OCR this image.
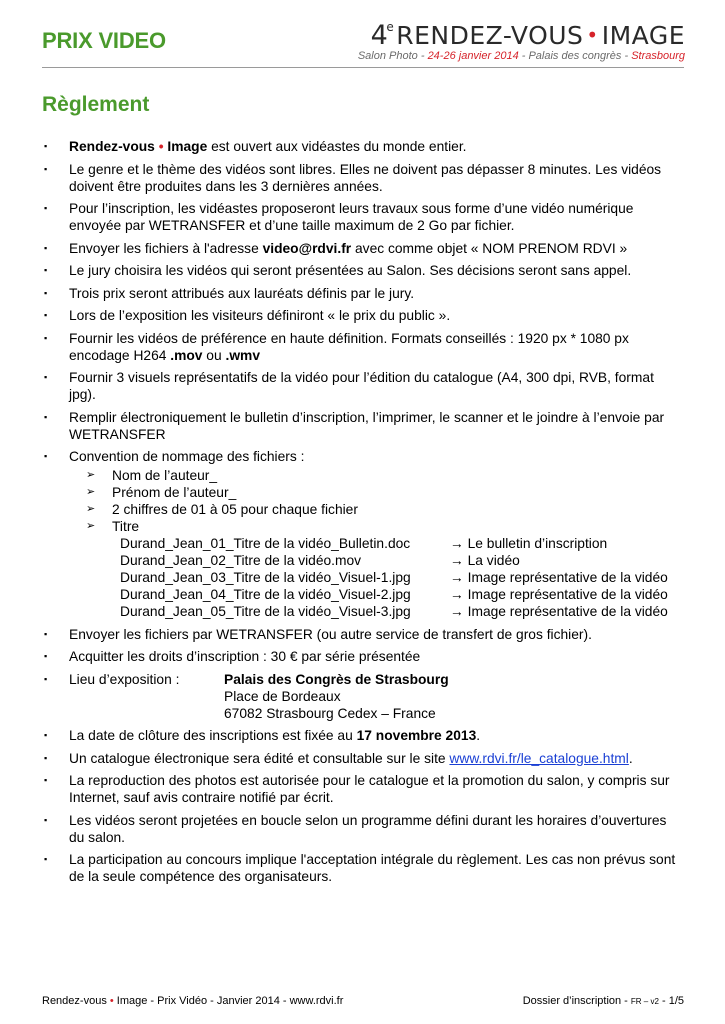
PRIX VIDEO	4eRENDEZ-VOUS • IMAGE
Salon Photo - 24-26 janvier 2014 - Palais des congrès - Strasbourg
Règlement
▪ Rendez-vous • Image est ouvert aux vidéastes du monde entier.
▪ Le genre et le thème des vidéos sont libres. Elles ne doivent pas dépasser 8 minutes. Les vidéos doivent être produites dans les 3 dernières années.
▪ Pour l’inscription, les vidéastes proposeront leurs travaux sous forme d’une vidéo numérique envoyée par WETRANSFER et d’une taille maximum de 2 Go par fichier.
▪ Envoyer les fichiers à l'adresse video@rdvi.fr avec comme objet « NOM PRENOM RDVI »
▪ Le jury choisira les vidéos qui seront présentées au Salon. Ses décisions seront sans appel.
▪ Trois prix seront attribués aux lauréats définis par le jury.
▪ Lors de l’exposition les visiteurs définiront « le prix du public ».
▪ Fournir les vidéos de préférence en haute définition. Formats conseillés : 1920 px * 1080 px encodage H264 .mov ou .wmv
▪ Fournir 3 visuels représentatifs de la vidéo pour l’édition du catalogue (A4, 300 dpi, RVB, format jpg).
▪ Remplir électroniquement le bulletin d’inscription, l’imprimer, le scanner et le joindre à l’envoie par WETRANSFER
▪ Convention de nommage des fichiers :
➢ Nom de l’auteur_
➢ Prénom de l’auteur_
➢ 2 chiffres de 01 à 05 pour chaque fichier
➢ Titre
Durand_Jean_01_Titre de la vidéo_Bulletin.doc	→ Le bulletin d’inscription
Durand_Jean_02_Titre de la vidéo.mov	→ La vidéo
Durand_Jean_03_Titre de la vidéo_Visuel-1.jpg	→ Image représentative de la vidéo
Durand_Jean_04_Titre de la vidéo_Visuel-2.jpg	→ Image représentative de la vidéo
Durand_Jean_05_Titre de la vidéo_Visuel-3.jpg	→ Image représentative de la vidéo
▪ Envoyer les fichiers par WETRANSFER (ou autre service de transfert de gros fichier).
▪ Acquitter les droits d’inscription : 30 € par série présentée
▪ Lieu d’exposition :	Palais des Congrès de Strasbourg
Place de Bordeaux
67082 Strasbourg Cedex – France
▪ La date de clôture des inscriptions est fixée au 17 novembre 2013.
▪ Un catalogue électronique sera édité et consultable sur le site www.rdvi.fr/le_catalogue.html.
▪ La reproduction des photos est autorisée pour le catalogue et la promotion du salon, y compris sur Internet, sauf avis contraire notifié par écrit.
▪ Les vidéos seront projetées en boucle selon un programme défini durant les horaires d’ouvertures du salon.
▪ La participation au concours implique l'acceptation intégrale du règlement. Les cas non prévus sont de la seule compétence des organisateurs.
Rendez-vous • Image - Prix Vidéo - Janvier 2014 - www.rdvi.fr	Dossier d’inscription - FR – v2 - 1/5
